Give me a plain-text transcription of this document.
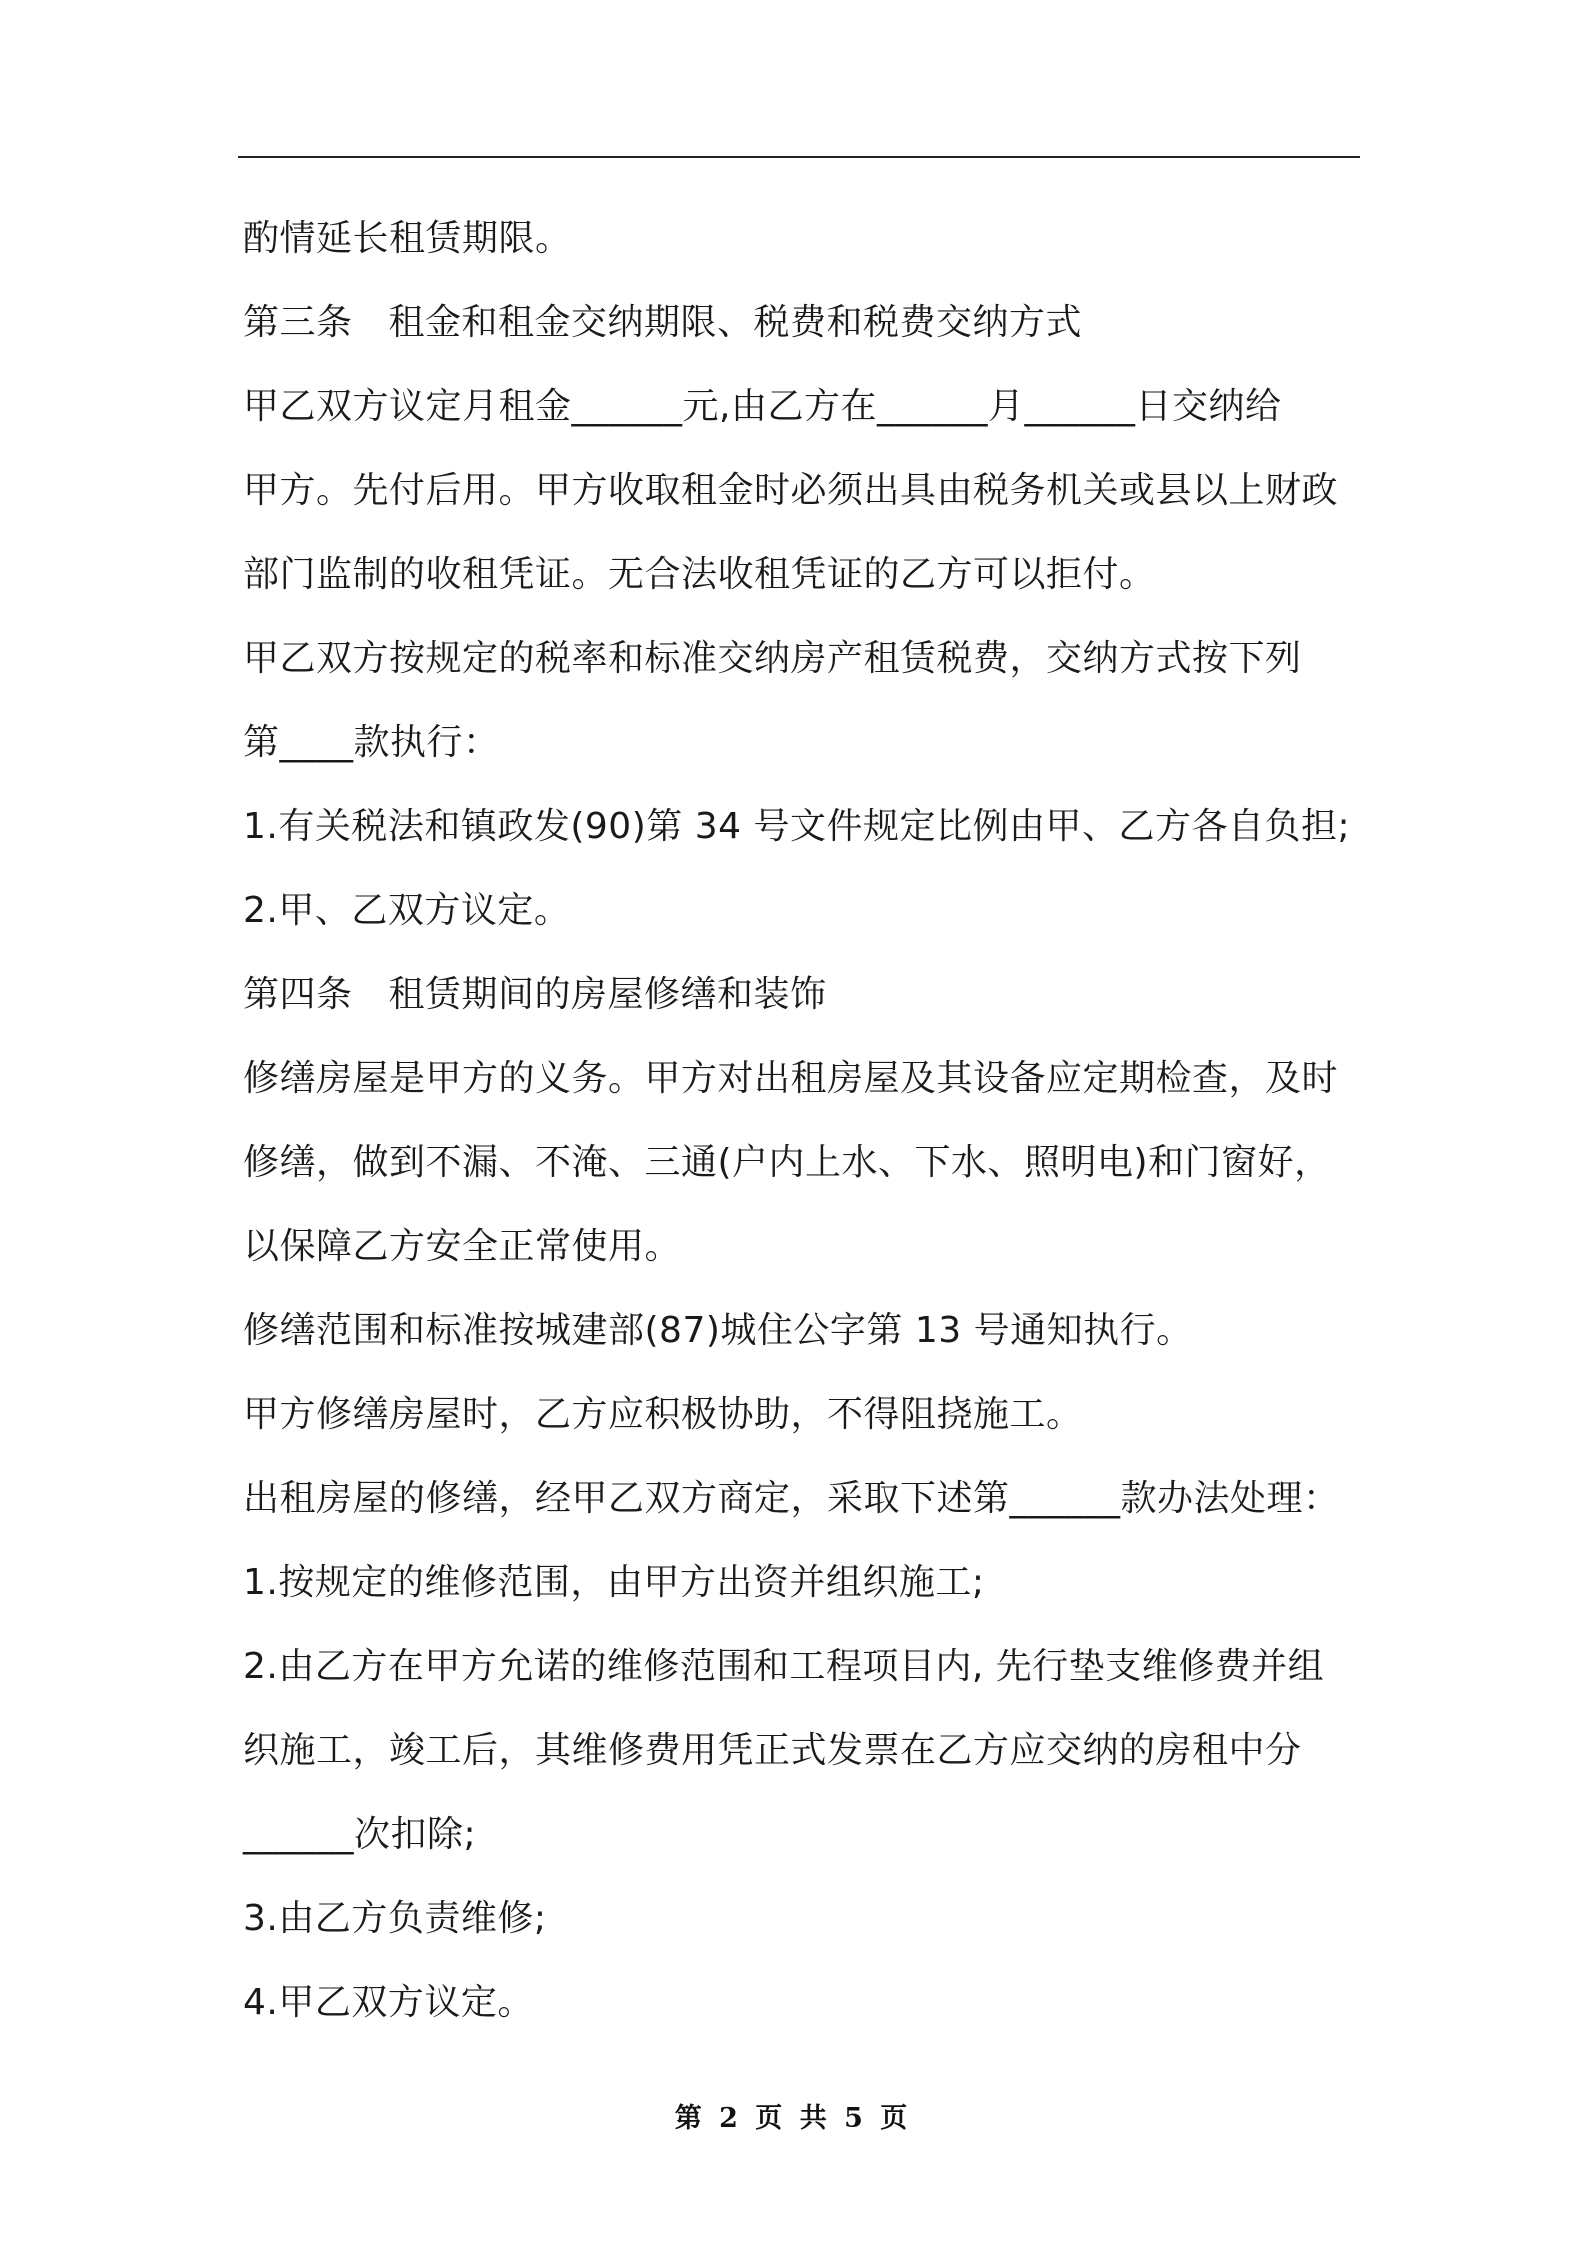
酌情延长租赁期限。

第三条 租金和租金交纳期限、税费和税费交纳方式

甲乙双方议定月租金______元,由乙方在______月______日交纳给

甲方。先付后用。甲方收取租金时必须出具由税务机关或县以上财政

部门监制的收租凭证。无合法收租凭证的乙方可以拒付。

甲乙双方按规定的税率和标准交纳房产租赁税费，交纳方式按下列

第____款执行：

1.有关税法和镇政发(90)第 34 号文件规定比例由甲、乙方各自负担;

2.甲、乙双方议定。

第四条 租赁期间的房屋修缮和装饰

修缮房屋是甲方的义务。甲方对出租房屋及其设备应定期检查，及时

修缮，做到不漏、不淹、三通(户内上水、下水、照明电)和门窗好，

以保障乙方安全正常使用。

修缮范围和标准按城建部(87)城住公字第 13 号通知执行。

甲方修缮房屋时，乙方应积极协助，不得阻挠施工。

出租房屋的修缮，经甲乙双方商定，采取下述第______款办法处理：

1.按规定的维修范围，由甲方出资并组织施工;

2.由乙方在甲方允诺的维修范围和工程项目内, 先行垫支维修费并组

织施工，竣工后，其维修费用凭正式发票在乙方应交纳的房租中分

______次扣除;

3.由乙方负责维修;

4.甲乙双方议定。

第 2 页 共 5 页
